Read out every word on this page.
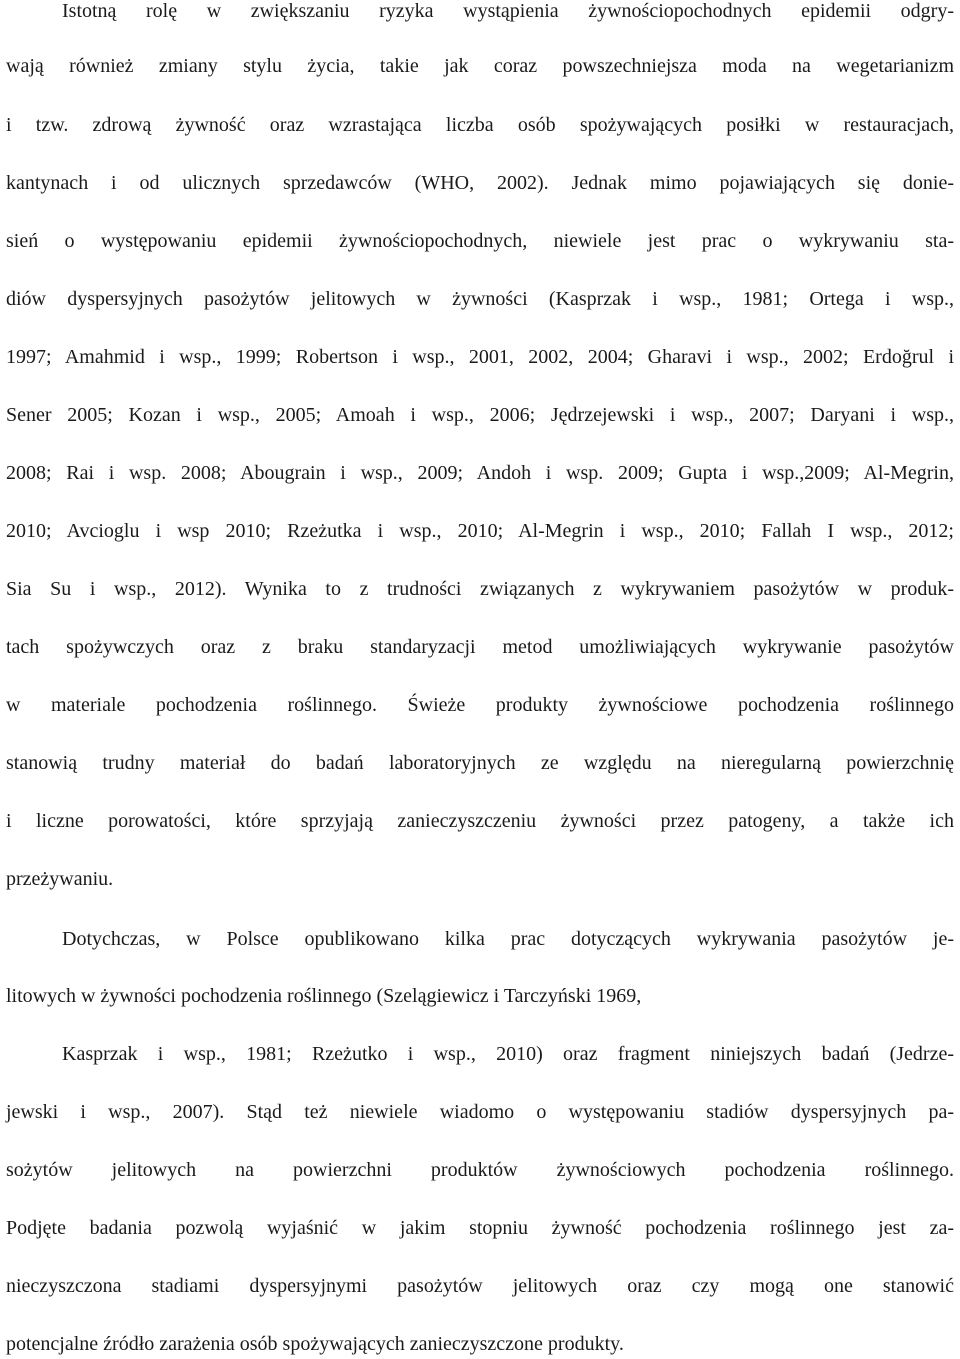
Istotną rolę w zwiększaniu ryzyka wystąpienia żywnościopochodnych epidemii odgry-
wają również zmiany stylu życia, takie jak coraz powszechniejsza moda na wegetarianizm
i tzw. zdrową żywność oraz wzrastająca liczba osób spożywających posiłki w restauracjach,
kantynach i od ulicznych sprzedawców (WHO, 2002). Jednak mimo pojawiających się donie-
sień o występowaniu epidemii żywnościopochodnych, niewiele jest prac o wykrywaniu sta-
diów dyspersyjnych pasożytów jelitowych w żywności (Kasprzak i wsp., 1981; Ortega i wsp.,
1997; Amahmid i wsp., 1999; Robertson i wsp., 2001, 2002, 2004; Gharavi i wsp., 2002; Erdoğrul i
Sener 2005; Kozan i wsp., 2005; Amoah i wsp., 2006; Jędrzejewski i wsp., 2007; Daryani i wsp.,
2008; Rai i wsp. 2008; Abougrain i wsp., 2009; Andoh i wsp. 2009; Gupta i wsp.,2009; Al-Megrin,
2010; Avcioglu i wsp 2010; Rzeżutka i wsp., 2010; Al-Megrin i wsp., 2010; Fallah I wsp., 2012;
Sia Su i wsp., 2012). Wynika to z trudności związanych z wykrywaniem pasożytów w produk-
tach spożywczych oraz z braku standaryzacji metod umożliwiających wykrywanie pasożytów
w materiale pochodzenia roślinnego. Świeże produkty żywnościowe pochodzenia roślinnego
stanowią trudny materiał do badań laboratoryjnych ze względu na nieregularną powierzchnię
i liczne porowatości, które sprzyjają zanieczyszczeniu żywności przez patogeny, a także ich
przeżywaniu.
Dotychczas, w Polsce opublikowano kilka prac dotyczących wykrywania pasożytów je-
litowych w żywności pochodzenia roślinnego (Szelągiewicz i Tarczyński 1969,
Kasprzak i wsp., 1981; Rzeżutko i wsp., 2010) oraz fragment niniejszych badań (Jedrze-
jewski i wsp., 2007). Stąd też niewiele wiadomo o występowaniu stadiów dyspersyjnych pa-
sożytów jelitowych na powierzchni produktów żywnościowych pochodzenia roślinnego.
Podjęte badania pozwolą wyjaśnić w jakim stopniu żywność pochodzenia roślinnego jest za-
nieczyszczona stadiami dyspersyjnymi pasożytów jelitowych oraz czy mogą one stanowić
potencjalne źródło zarażenia osób spożywających zanieczyszczone produkty.
